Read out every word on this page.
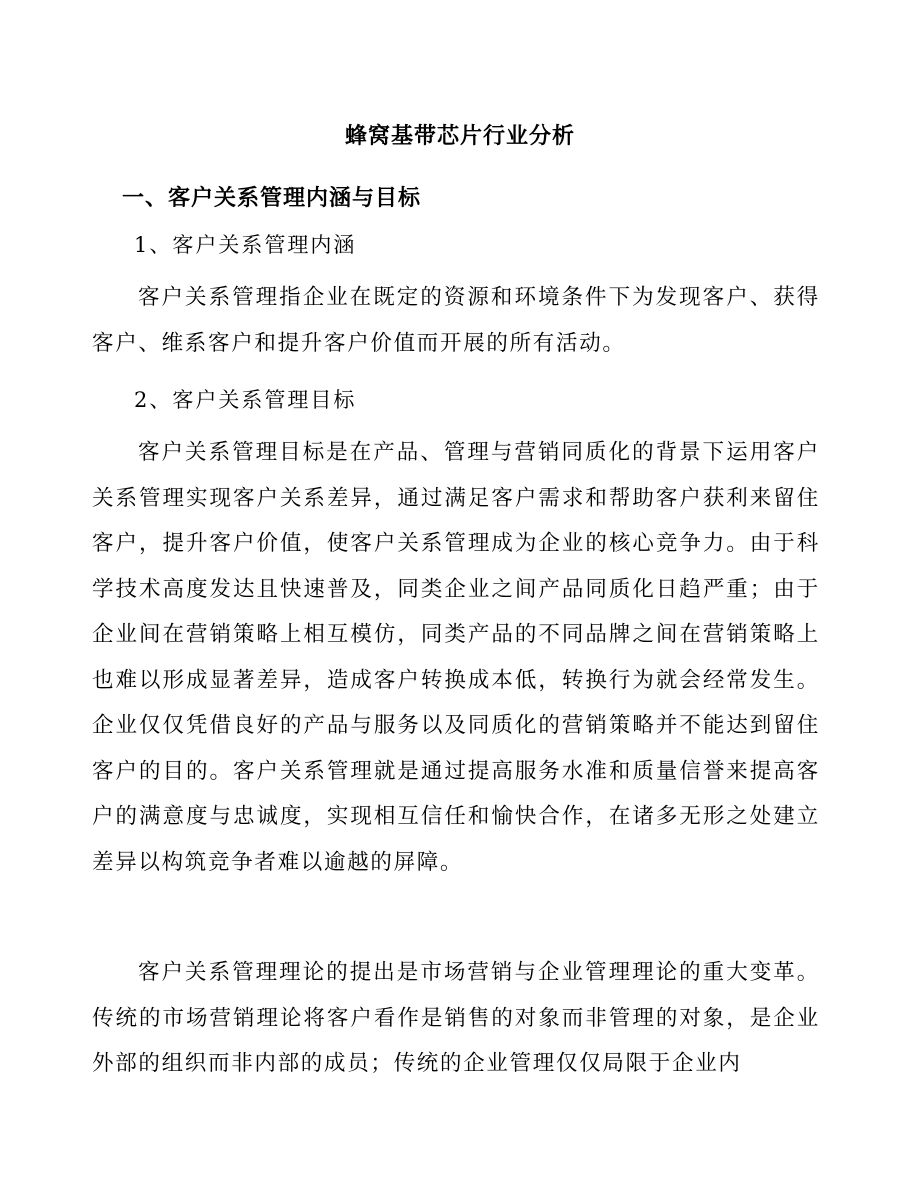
蜂窝基带芯片行业分析
一、客户关系管理内涵与目标
1、客户关系管理内涵

客户关系管理指企业在既定的资源和环境条件下为发现客户、获得客户、维系客户和提升客户价值而开展的所有活动。

2、客户关系管理目标

客户关系管理目标是在产品、管理与营销同质化的背景下运用客户关系管理实现客户关系差异，通过满足客户需求和帮助客户获利来留住客户，提升客户价值，使客户关系管理成为企业的核心竞争力。由于科学技术高度发达且快速普及，同类企业之间产品同质化日趋严重；由于企业间在营销策略上相互模仿，同类产品的不同品牌之间在营销策略上也难以形成显著差异，造成客户转换成本低，转换行为就会经常发生。企业仅仅凭借良好的产品与服务以及同质化的营销策略并不能达到留住客户的目的。客户关系管理就是通过提高服务水准和质量信誉来提高客户的满意度与忠诚度，实现相互信任和愉快合作，在诸多无形之处建立差异以构筑竞争者难以逾越的屏障。

客户关系管理理论的提出是市场营销与企业管理理论的重大变革。传统的市场营销理论将客户看作是销售的对象而非管理的对象，是企业外部的组织而非内部的成员；传统的企业管理仅仅局限于企业内
